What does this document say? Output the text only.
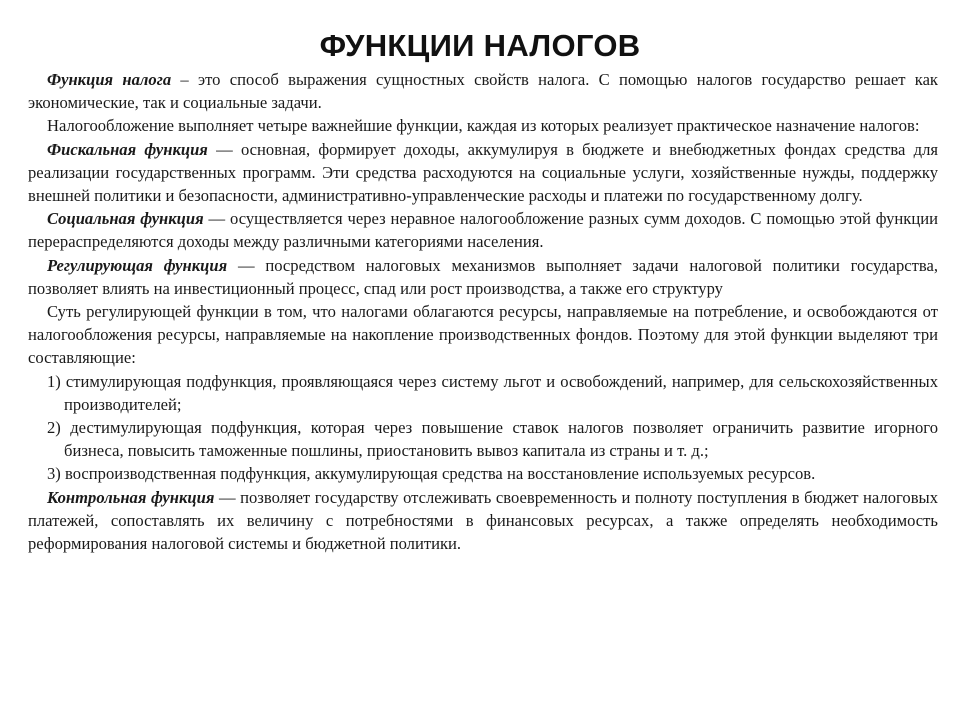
ФУНКЦИИ НАЛОГОВ

Функция налога – это способ выражения сущностных свойств налога. С помощью налогов государство решает как экономические, так и социальные задачи.

Налогообложение выполняет четыре важнейшие функции, каждая из которых реализует практическое назначение налогов:

Фискальная функция — основная, формирует доходы, аккумулируя в бюджете и внебюджетных фондах средства для реализации государственных программ. Эти средства расходуются на социальные услуги, хозяйственные нужды, поддержку внешней политики и безопасности, административно-управленческие расходы и платежи по государственному долгу.

Социальная функция — осуществляется через неравное налогообложение разных сумм доходов. С помощью этой функции перераспределяются доходы между различными категориями населения.

Регулирующая функция — посредством налоговых механизмов выполняет задачи налоговой политики государства, позволяет влиять на инвестиционный процесс, спад или рост производства, а также его структуру

Суть регулирующей функции в том, что налогами облагаются ресурсы, направляемые на потребление, и освобождаются от налогообложения ресурсы, направляемые на накопление производственных фондов. Поэтому для этой функции выделяют три составляющие:

1) стимулирующая подфункция, проявляющаяся через систему льгот и освобождений, например, для сельскохозяйственных производителей;

2) дестимулирующая подфункция, которая через повышение ставок налогов позволяет ограничить развитие игорного бизнеса, повысить таможенные пошлины, приостановить вывоз капитала из страны и т. д.;

3) воспроизводственная подфункция, аккумулирующая средства на восстановление используемых ресурсов.

Контрольная функция — позволяет государству отслеживать своевременность и полноту поступления в бюджет налоговых платежей, сопоставлять их величину с потребностями в финансовых ресурсах, а также определять необходимость реформирования налоговой системы и бюджетной политики.
